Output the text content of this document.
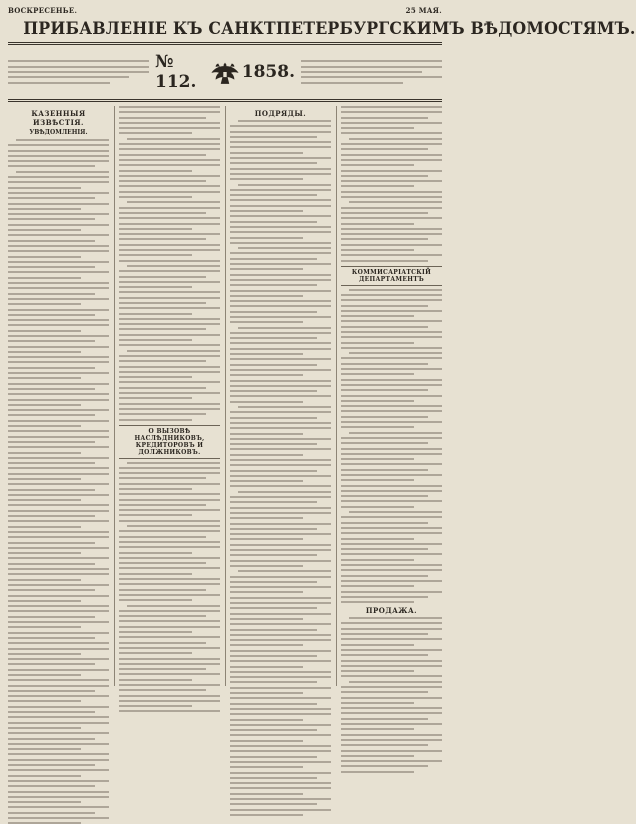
ВОСКРЕСЕНЬЕ.	25 МАЯ.
ПРИБАВЛЕНІЕ КЪ САНКТПЕТЕРБУРГСКИМЪ ВѢДОМОСТЯМЪ.
№ 112.	1858.
КАЗЕННЫЯ ИЗВѢСТІЯ.
УВѢДОМЛЕНІЯ.
О ВЫЗОВѢ НАСЛѢДНИКОВЪ, КРЕДИТОРОВЪ И ДОЛЖНИКОВЪ.
ПОДРЯДЫ.
КОММИСАРІАТСКІЙ ДЕПАРТАМЕНТЪ
ПРОДАЖА.
